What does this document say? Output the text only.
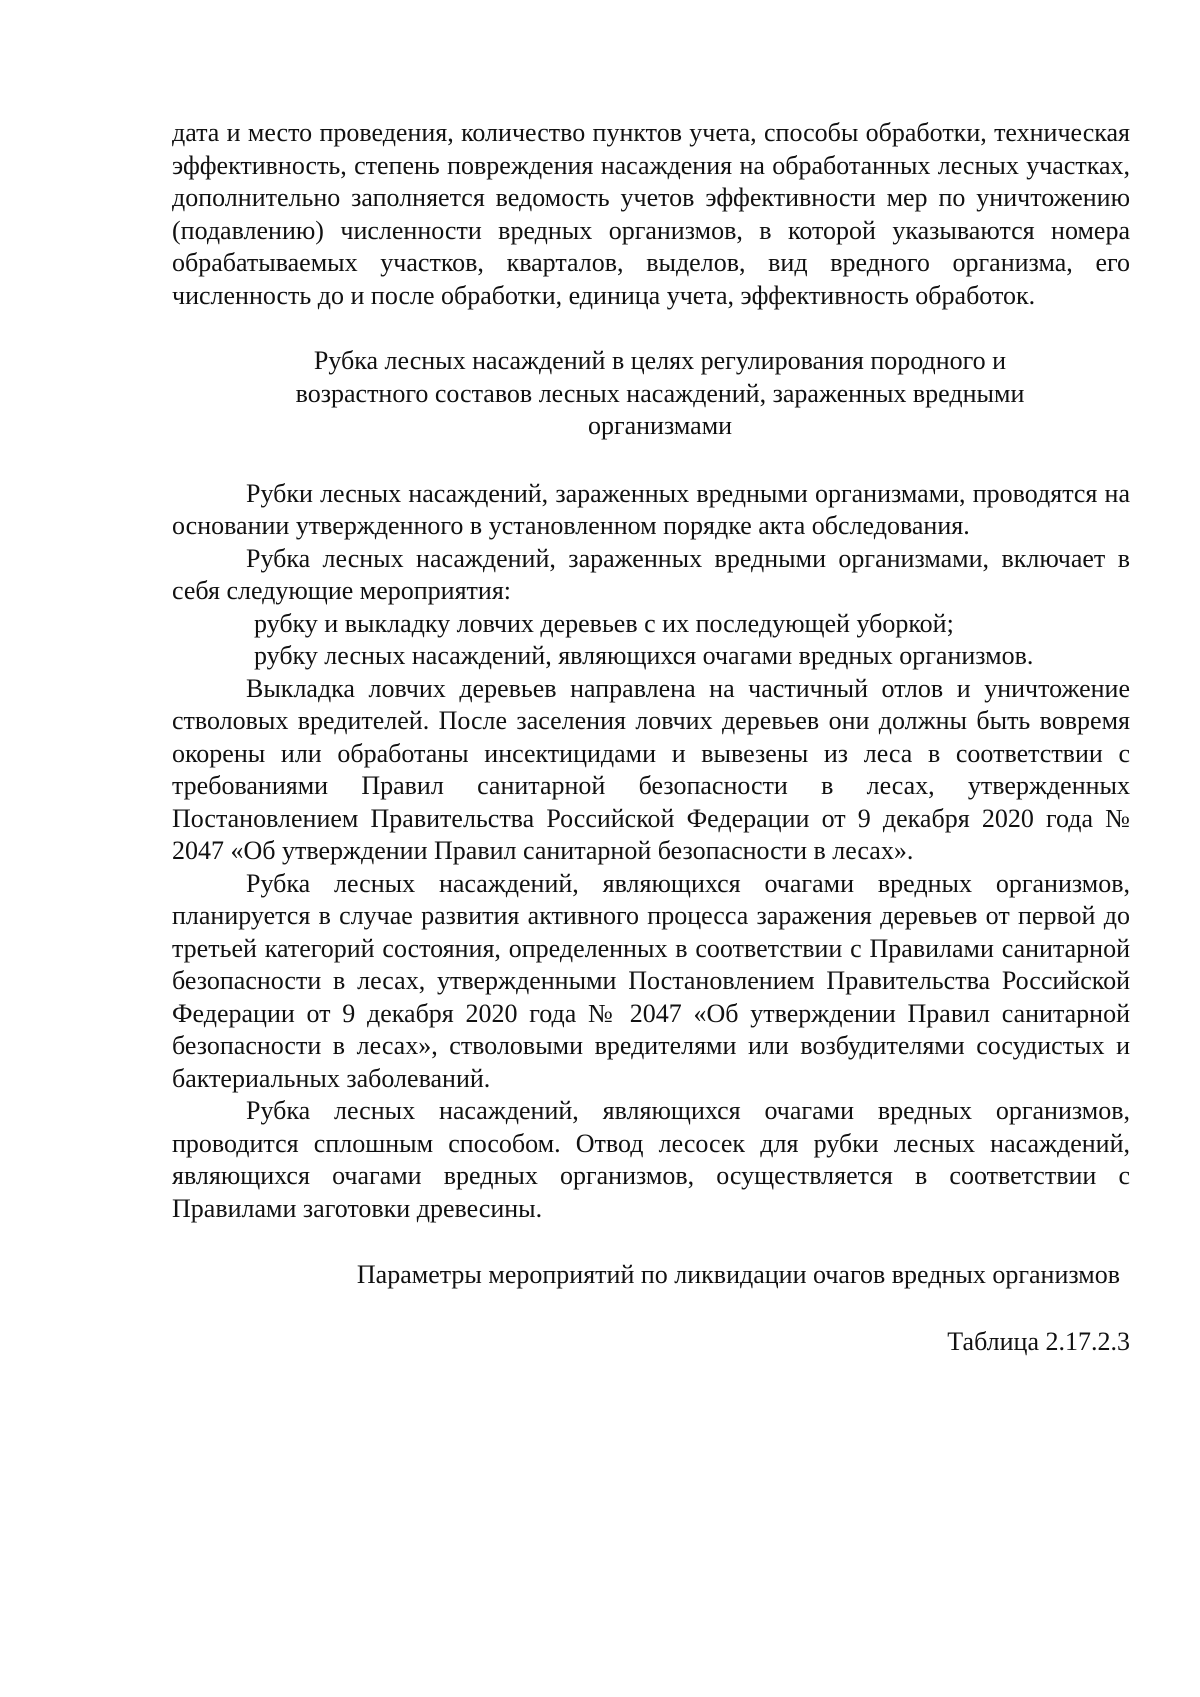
дата и место проведения, количество пунктов учета, способы обработки, техническая эффективность, степень повреждения насаждения на обработанных лесных участках, дополнительно заполняется ведомость учетов эффективности мер по уничтожению (подавлению) численности вредных организмов, в которой указываются номера обрабатываемых участков, кварталов, выделов, вид вредного организма, его численность до и после обработки, единица учета, эффективность обработок.

Рубка лесных насаждений в целях регулирования породного и
возрастного составов лесных насаждений, зараженных вредными
организмами

Рубки лесных насаждений, зараженных вредными организмами, проводятся на основании утвержденного в установленном порядке акта обследования.

Рубка лесных насаждений, зараженных вредными организмами, включает в себя следующие мероприятия:

рубку и выкладку ловчих деревьев с их последующей уборкой;

рубку лесных насаждений, являющихся очагами вредных организмов.

Выкладка ловчих деревьев направлена на частичный отлов и уничтожение стволовых вредителей. После заселения ловчих деревьев они должны быть вовремя окорены или обработаны инсектицидами и вывезены из леса в соответствии с требованиями Правил санитарной безопасности в лесах, утвержденных Постановлением Правительства Российской Федерации от 9 декабря 2020 года № 2047 «Об утверждении Правил санитарной безопасности в лесах».

Рубка лесных насаждений, являющихся очагами вредных организмов, планируется в случае развития активного процесса заражения деревьев от первой до третьей категорий состояния, определенных в соответствии с Правилами санитарной безопасности в лесах, утвержденными Постановлением Правительства Российской Федерации от 9 декабря 2020 года № 2047 «Об утверждении Правил санитарной безопасности в лесах», стволовыми вредителями или возбудителями сосудистых и бактериальных заболеваний.

Рубка лесных насаждений, являющихся очагами вредных организмов, проводится сплошным способом. Отвод лесосек для рубки лесных насаждений, являющихся очагами вредных организмов, осуществляется в соответствии с Правилами заготовки древесины.

Параметры мероприятий по ликвидации очагов вредных организмов

Таблица 2.17.2.3
